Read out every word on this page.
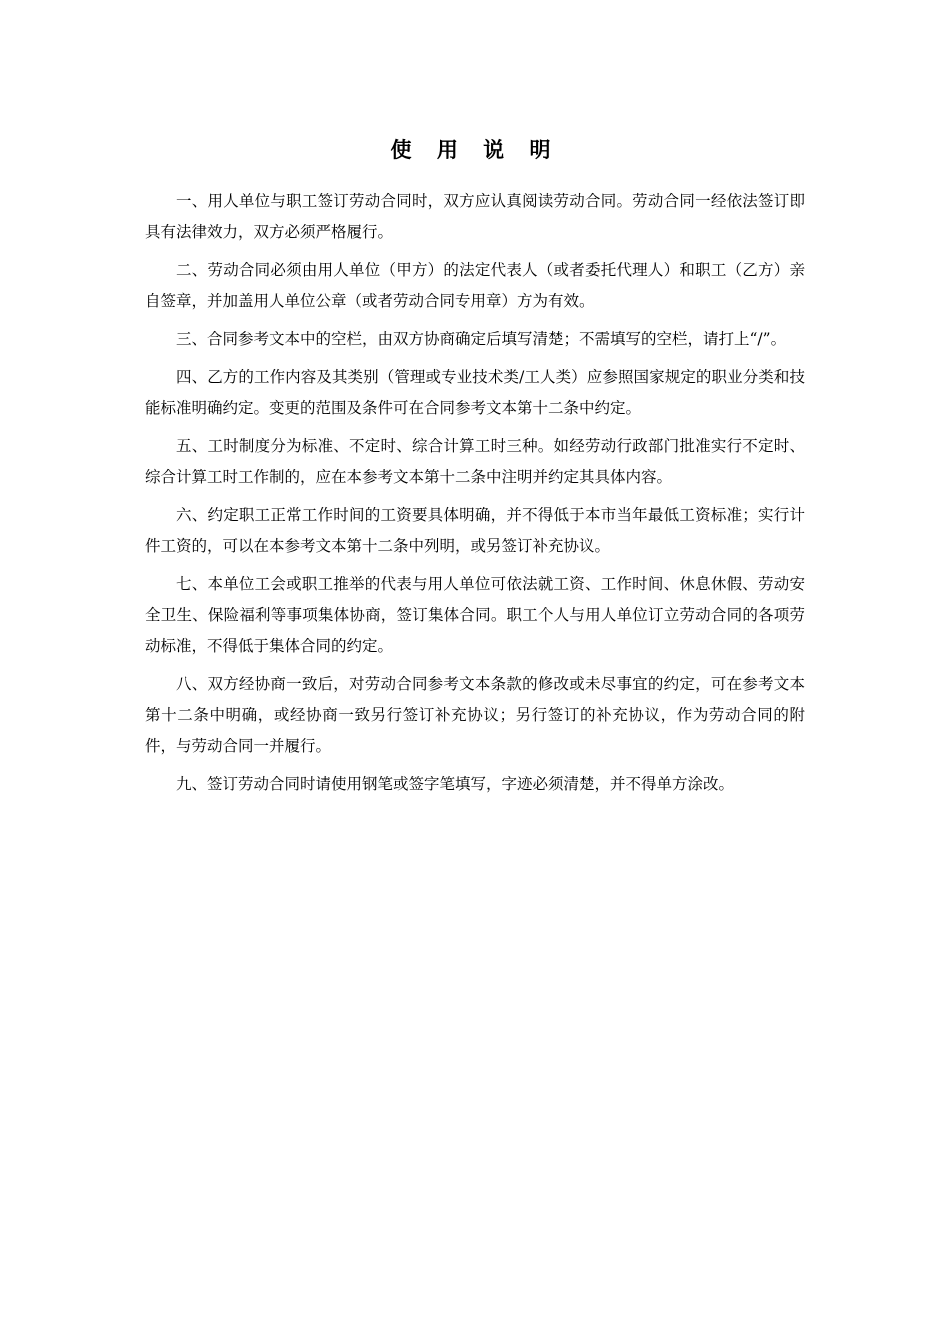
使 用 说 明

一、用人单位与职工签订劳动合同时，双方应认真阅读劳动合同。劳动合同一经依法签订即具有法律效力，双方必须严格履行。

二、劳动合同必须由用人单位（甲方）的法定代表人（或者委托代理人）和职工（乙方）亲自签章，并加盖用人单位公章（或者劳动合同专用章）方为有效。

三、合同参考文本中的空栏，由双方协商确定后填写清楚；不需填写的空栏，请打上“/”。

四、乙方的工作内容及其类别（管理或专业技术类/工人类）应参照国家规定的职业分类和技能标准明确约定。变更的范围及条件可在合同参考文本第十二条中约定。

五、工时制度分为标准、不定时、综合计算工时三种。如经劳动行政部门批准实行不定时、综合计算工时工作制的，应在本参考文本第十二条中注明并约定其具体内容。

六、约定职工正常工作时间的工资要具体明确，并不得低于本市当年最低工资标准；实行计件工资的，可以在本参考文本第十二条中列明，或另签订补充协议。

七、本单位工会或职工推举的代表与用人单位可依法就工资、工作时间、休息休假、劳动安全卫生、保险福利等事项集体协商，签订集体合同。职工个人与用人单位订立劳动合同的各项劳动标准，不得低于集体合同的约定。

八、双方经协商一致后，对劳动合同参考文本条款的修改或未尽事宜的约定，可在参考文本第十二条中明确，或经协商一致另行签订补充协议；另行签订的补充协议，作为劳动合同的附件，与劳动合同一并履行。

九、签订劳动合同时请使用钢笔或签字笔填写，字迹必须清楚，并不得单方涂改。
